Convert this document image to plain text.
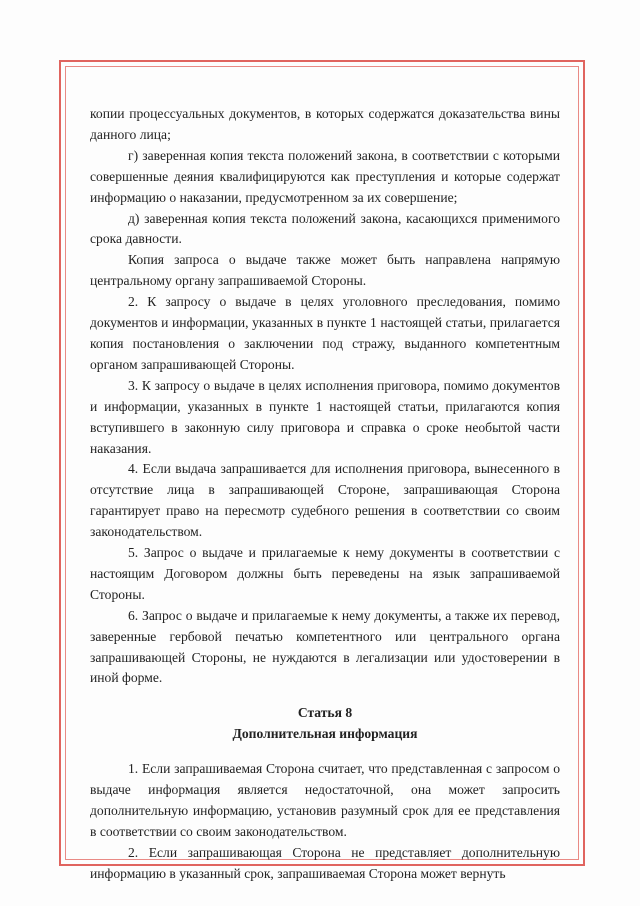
копии процессуальных документов, в которых содержатся доказательства вины данного лица;

г) заверенная копия текста положений закона, в соответствии с которыми совершенные деяния квалифицируются как преступления и которые содержат информацию о наказании, предусмотренном за их совершение;

д) заверенная копия текста положений закона, касающихся применимого срока давности.

Копия запроса о выдаче также может быть направлена напрямую центральному органу запрашиваемой Стороны.

2. К запросу о выдаче в целях уголовного преследования, помимо документов и информации, указанных в пункте 1 настоящей статьи, прилагается копия постановления о заключении под стражу, выданного компетентным органом запрашивающей Стороны.

3. К запросу о выдаче в целях исполнения приговора, помимо документов и информации, указанных в пункте 1 настоящей статьи, прилагаются копия вступившего в законную силу приговора и справка о сроке необытой части наказания.

4. Если выдача запрашивается для исполнения приговора, вынесенного в отсутствие лица в запрашивающей Стороне, запрашивающая Сторона гарантирует право на пересмотр судебного решения в соответствии со своим законодательством.

5. Запрос о выдаче и прилагаемые к нему документы в соответствии с настоящим Договором должны быть переведены на язык запрашиваемой Стороны.

6. Запрос о выдаче и прилагаемые к нему документы, а также их перевод, заверенные гербовой печатью компетентного или центрального органа запрашивающей Стороны, не нуждаются в легализации или удостоверении в иной форме.

Статья 8
Дополнительная информация

1. Если запрашиваемая Сторона считает, что представленная с запросом о выдаче информация является недостаточной, она может запросить дополнительную информацию, установив разумный срок для ее представления в соответствии со своим законодательством.

2. Если запрашивающая Сторона не представляет дополнительную информацию в указанный срок, запрашиваемая Сторона может вернуть
